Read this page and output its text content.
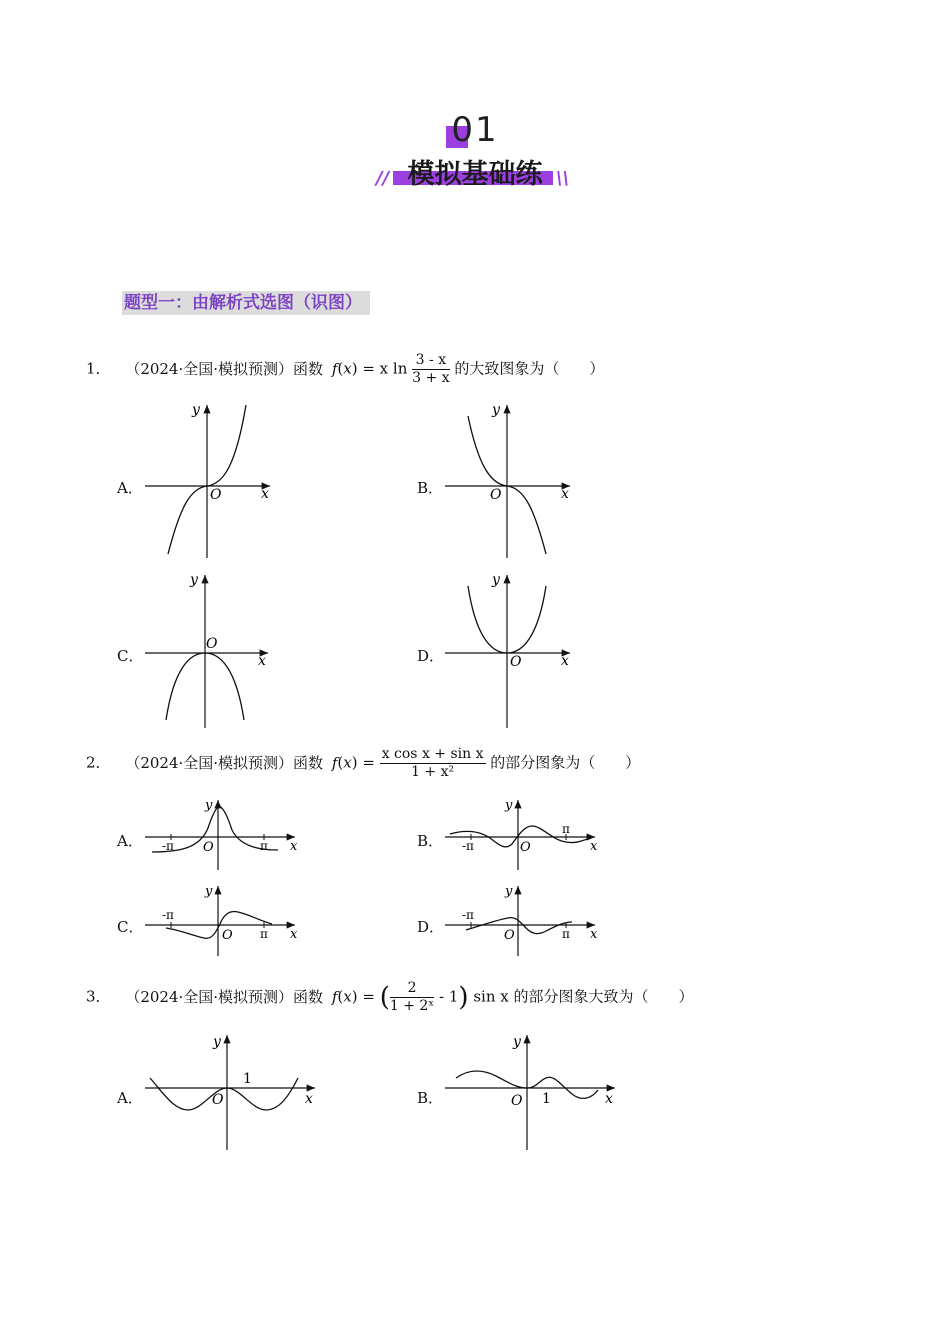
01
模拟基础练
//	\\
题型一：由解析式选图（识图）
1． （2024·全国·模拟预测）函数 f(x) = x $\ln \frac{3 - x}{3 + x}$ 的大致图象为（　　）
A．	B．
C．	D．
y
x
O
y
x
O
y
x
O
y
x
O
2． （2024·全国·模拟预测）函数 $f(x) = \frac{\text{x cos x + sin x}}{\text{1 + x²}}$ 的部分图象为（　　）
A．	B．
C．	D．
y
x
O
-π	π
y
x
O
-π
π
y
x
O
-π
π
y
x
O
-π
π
3． （2024·全国·模拟预测）函数 f(x) = ( $\frac{2}{\text{1 + 2ˣ}} - 1$) sin x 的部分图象大致为（　　）
A．	B．
y
x
O
1
y
x
O 1
